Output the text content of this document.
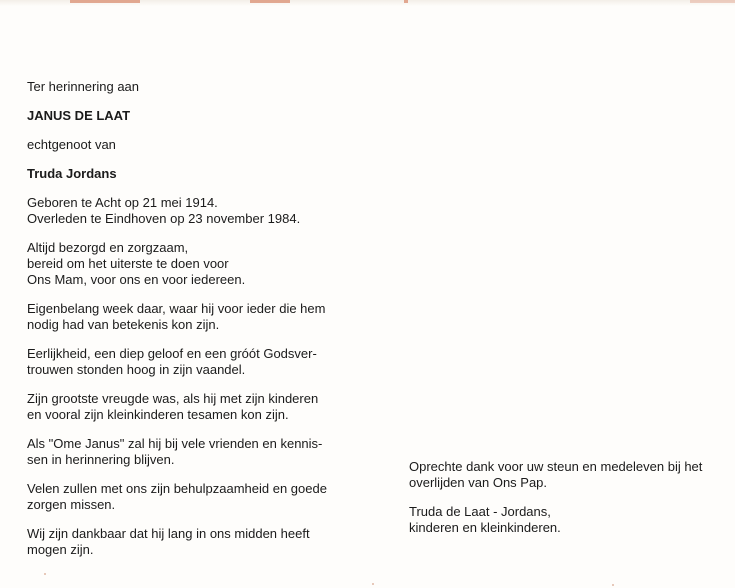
Ter herinnering aan

JANUS DE LAAT

echtgenoot van

Truda Jordans

Geboren te Acht op 21 mei 1914.

Overleden te Eindhoven op 23 november 1984.

Altijd bezorgd en zorgzaam,
bereid om het uiterste te doen voor
Ons Mam, voor ons en voor iedereen.

Eigenbelang week daar, waar hij voor ieder die hem
nodig had van betekenis kon zijn.

Eerlijkheid, een diep geloof en een gróót Godsver-
trouwen stonden hoog in zijn vaandel.

Zijn grootste vreugde was, als hij met zijn kinderen
en vooral zijn kleinkinderen tesamen kon zijn.

Als "Ome Janus" zal hij bij vele vrienden en kennis-
sen in herinnering blijven.

Velen zullen met ons zijn behulpzaamheid en goede
zorgen missen.

Wij zijn dankbaar dat hij lang in ons midden heeft
mogen zijn.

Oprechte dank voor uw steun en medeleven bij het
overlijden van Ons Pap.

Truda de Laat - Jordans,
kinderen en kleinkinderen.
